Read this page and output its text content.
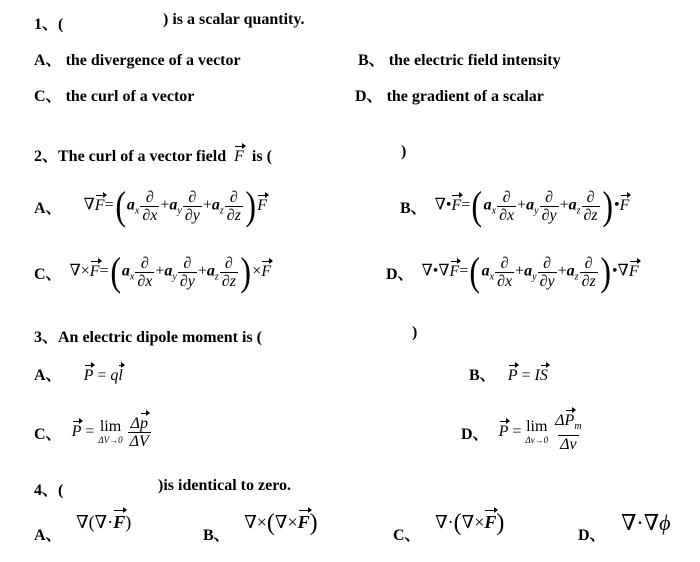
1、(	) is a scalar quantity.
A、 the divergence of a vector	B、 the electric field intensity
C、 the curl of a vector	D、 the gradient of a scalar
2、The curl of a vector field F is (	)
A、 $\nabla F=(a_x \frac{\partial}{\partial x} +a_y \frac{\partial}{\partial y} +a_z \frac{\partial}{\partial z} )F$	B、 $\nabla•F=(a_x \frac{\partial}{\partial x} +a_y \frac{\partial}{\partial y} +a_z \frac{\partial}{\partial z}$ )•F
C、 $\nabla\times F=(a_x \frac{\partial}{\partial x} +a_y \frac{\partial}{\partial y} +a_z \frac{\partial}{\partial z} )\times F$	D、 $\nabla•\nabla F=(a_x \frac{\partial}{\partial x} +a_y \frac{\partial}{\partial y} +a_z \frac{\partial}{\partial z}$ )•∇F
3、An electric dipole moment is (	)
A、 P = ql	B、 P = IS
C、 P = lim
ΔV→0
$\frac{\Delta p}{\Delta V}$	D、 P = lim
Δv→0
$\frac{\Delta P_m}{\Delta v}$
4、(	)is identical to zero.
A、 ∇(∇·F)
B、 ∇×(∇×F)	C、 ∇·(∇×F)	$_{D、}$ ∇·∇ϕ
